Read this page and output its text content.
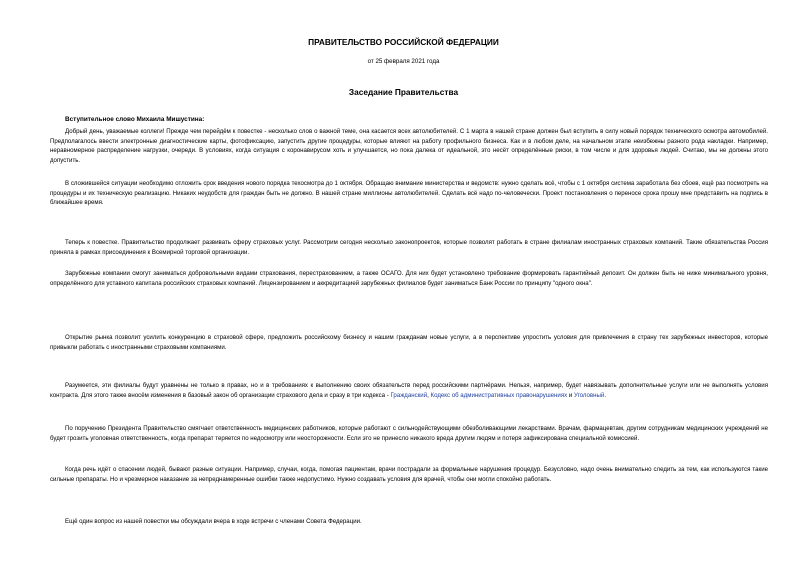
ПРАВИТЕЛЬСТВО РОССИЙСКОЙ ФЕДЕРАЦИИ
от 25 февраля 2021 года
Заседание Правительства
Вступительное слово Михаила Мишустина:

Добрый день, уважаемые коллеги! Прежде чем перейдём к повестке - несколько слов о важной теме, она касается всех автолюбителей. С 1 марта в нашей стране должен был вступить в силу новый порядок технического осмотра автомобилей. Предполагалось ввести электронные диагностические карты, фотофиксацию, запустить другие процедуры, которые влияют на работу профильного бизнеса. Как и в любом деле, на начальном этапе неизбежны разного рода накладки. Например, неравномерное распределение нагрузки, очереди. В условиях, когда ситуация с коронавирусом хоть и улучшается, но пока далека от идеальной, это несёт определённые риски, в том числе и для здоровья людей. Считаю, мы не должны этого допустить.

В сложившейся ситуации необходимо отложить срок введения нового порядка техосмотра до 1 октября. Обращаю внимание министерства и ведомств: нужно сделать всё, чтобы с 1 октября система заработала без сбоев, ещё раз посмотреть на процедуры и их техническую реализацию. Никаких неудобств для граждан быть не должно. В нашей стране миллионы автолюбителей. Сделать всё надо по-человечески. Проект постановления о переносе срока прошу мне представить на подпись в ближайшее время.

Теперь к повестке. Правительство продолжает развивать сферу страховых услуг. Рассмотрим сегодня несколько законопроектов, которые позволят работать в стране филиалам иностранных страховых компаний. Такие обязательства Россия приняла в рамках присоединения к Всемирной торговой организации.

Зарубежные компании смогут заниматься добровольными видами страхования, перестрахованием, а также ОСАГО. Для них будет установлено требование формировать гарантийный депозит. Он должен быть не ниже минимального уровня, определённого для уставного капитала российских страховых компаний. Лицензированием и аккредитацией зарубежных филиалов будет заниматься Банк России по принципу "одного окна".

Открытие рынка позволит усилить конкуренцию в страховой сфере, предложить российскому бизнесу и нашим гражданам новые услуги, а в перспективе упростить условия для привлечения в страну тех зарубежных инвесторов, которые привыкли работать с иностранными страховыми компаниями.

Разумеется, эти филиалы будут уравнены не только в правах, но и в требованиях к выполнению своих обязательств перед российскими партнёрами. Нельзя, например, будет навязывать дополнительные услуги или не выполнять условия контракта. Для этого также вносём изменения в базовый закон об организации страхового дела и сразу в три кодекса - Гражданский, Кодекс об административных правонарушениях и Уголовный.

По поручению Президента Правительство смягчает ответственность медицинских работников, которые работают с сильнодействующими обезболивающими лекарствами. Врачам, фармацевтам, другим сотрудникам медицинских учреждений не будет грозить уголовная ответственность, когда препарат теряется по недосмотру или неосторожности. Если это не принесло никакого вреда другим людям и потеря зафиксирована специальной комиссией.

Когда речь идёт о спасении людей, бывают разные ситуации. Например, случаи, когда, помогая пациентам, врачи пострадали за формальные нарушения процедур. Безусловно, надо очень внимательно следить за тем, как используются такие сильные препараты. Но и чрезмерное наказание за непреднамеренные ошибки также недопустимо. Нужно создавать условия для врачей, чтобы они могли спокойно работать.

Ещё один вопрос из нашей повестки мы обсуждали вчера в ходе встречи с членами Совета Федерации.
